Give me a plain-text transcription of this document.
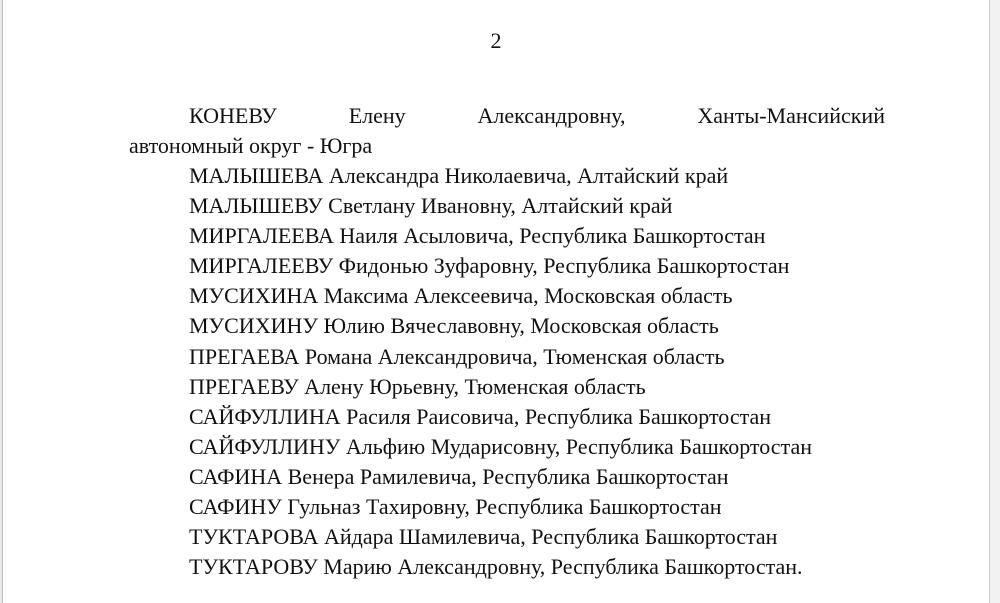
2
КОНЕВУ	Елену	Александровну,	Ханты-Мансийский
автономный округ - Югра
МАЛЫШЕВА Александра Николаевича, Алтайский край
МАЛЫШЕВУ Светлану Ивановну, Алтайский край
МИРГАЛЕЕВА Наиля Асыловича, Республика Башкортостан
МИРГАЛЕЕВУ Фидонью Зуфаровну, Республика Башкортостан
МУСИХИНА Максима Алексеевича, Московская область
МУСИХИНУ Юлию Вячеславовну, Московская область
ПРЕГАЕВА Романа Александровича, Тюменская область
ПРЕГАЕВУ Алену Юрьевну, Тюменская область
САЙФУЛЛИНА Расиля Раисовича, Республика Башкортостан
САЙФУЛЛИНУ Альфию Мударисовну, Республика Башкортостан
САФИНА Венера Рамилевича, Республика Башкортостан
САФИНУ Гульназ Тахировну, Республика Башкортостан
ТУКТАРОВА Айдара Шамилевича, Республика Башкортостан
ТУКТАРОВУ Марию Александровну, Республика Башкортостан.
